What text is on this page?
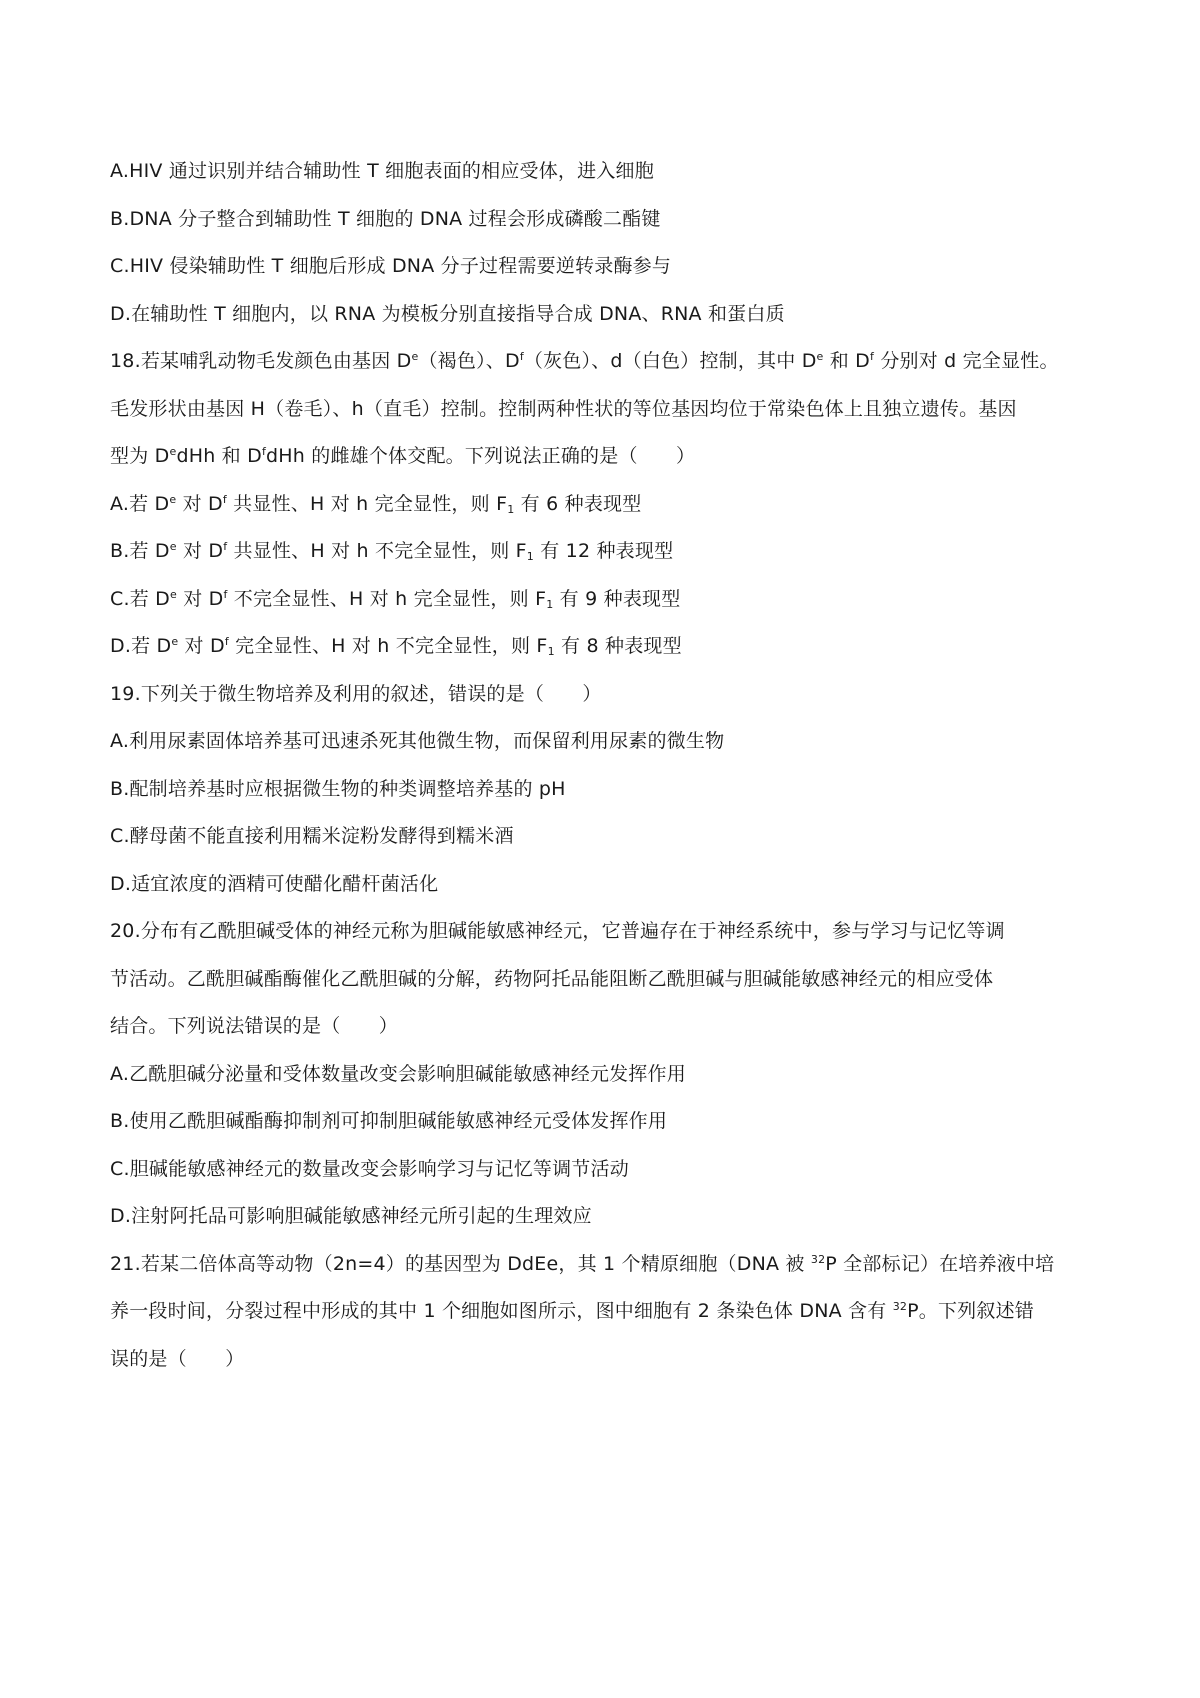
A.HIV 通过识别并结合辅助性 T 细胞表面的相应受体，进入细胞
B.DNA 分子整合到辅助性 T 细胞的 DNA 过程会形成磷酸二酯键
C.HIV 侵染辅助性 T 细胞后形成 DNA 分子过程需要逆转录酶参与
D.在辅助性 T 细胞内，以 RNA 为模板分别直接指导合成 DNA、RNA 和蛋白质
18.若某哺乳动物毛发颜色由基因 De（褐色）、$D^f$（灰色）、d（白色）控制，其中 De 和 $D^f$ 分别对 d 完全显性。
毛发形状由基因 H（卷毛）、h（直毛）控制。控制两种性状的等位基因均位于常染色体上且独立遗传。基因
型为 DedHh 和 $D^fdHh$ 的雌雄个体交配。下列说法正确的是（　　）
A.若 De 对 $D^f$ 共显性、H 对 h 完全显性，则 $F_1$ 有 6 种表现型
B.若 De 对 $D^f$ 共显性、H 对 h 不完全显性，则 $F_1$ 有 12 种表现型
C.若 De 对 $D^f$ 不完全显性、H 对 h 完全显性，则 $F_1$ 有 9 种表现型
D.若 De 对 $D^f$ 完全显性、H 对 h 不完全显性，则 $F_1$ 有 8 种表现型
19.下列关于微生物培养及利用的叙述，错误的是（　　）
A.利用尿素固体培养基可迅速杀死其他微生物，而保留利用尿素的微生物
B.配制培养基时应根据微生物的种类调整培养基的 pH
C.酵母菌不能直接利用糯米淀粉发酵得到糯米酒
D.适宜浓度的酒精可使醋化醋杆菌活化
20.分布有乙酰胆碱受体的神经元称为胆碱能敏感神经元，它普遍存在于神经系统中，参与学习与记忆等调
节活动。乙酰胆碱酯酶催化乙酰胆碱的分解，药物阿托品能阻断乙酰胆碱与胆碱能敏感神经元的相应受体
结合。下列说法错误的是（　　）
A.乙酰胆碱分泌量和受体数量改变会影响胆碱能敏感神经元发挥作用
B.使用乙酰胆碱酯酶抑制剂可抑制胆碱能敏感神经元受体发挥作用
C.胆碱能敏感神经元的数量改变会影响学习与记忆等调节活动
D.注射阿托品可影响胆碱能敏感神经元所引起的生理效应
21.若某二倍体高等动物（2n=4）的基因型为 DdEe，其 1 个精原细胞（DNA 被 $^{32}$P 全部标记）在培养液中培
养一段时间，分裂过程中形成的其中 1 个细胞如图所示，图中细胞有 2 条染色体 DNA 含有 $^{32}$P。下列叙述错
误的是（　　）
